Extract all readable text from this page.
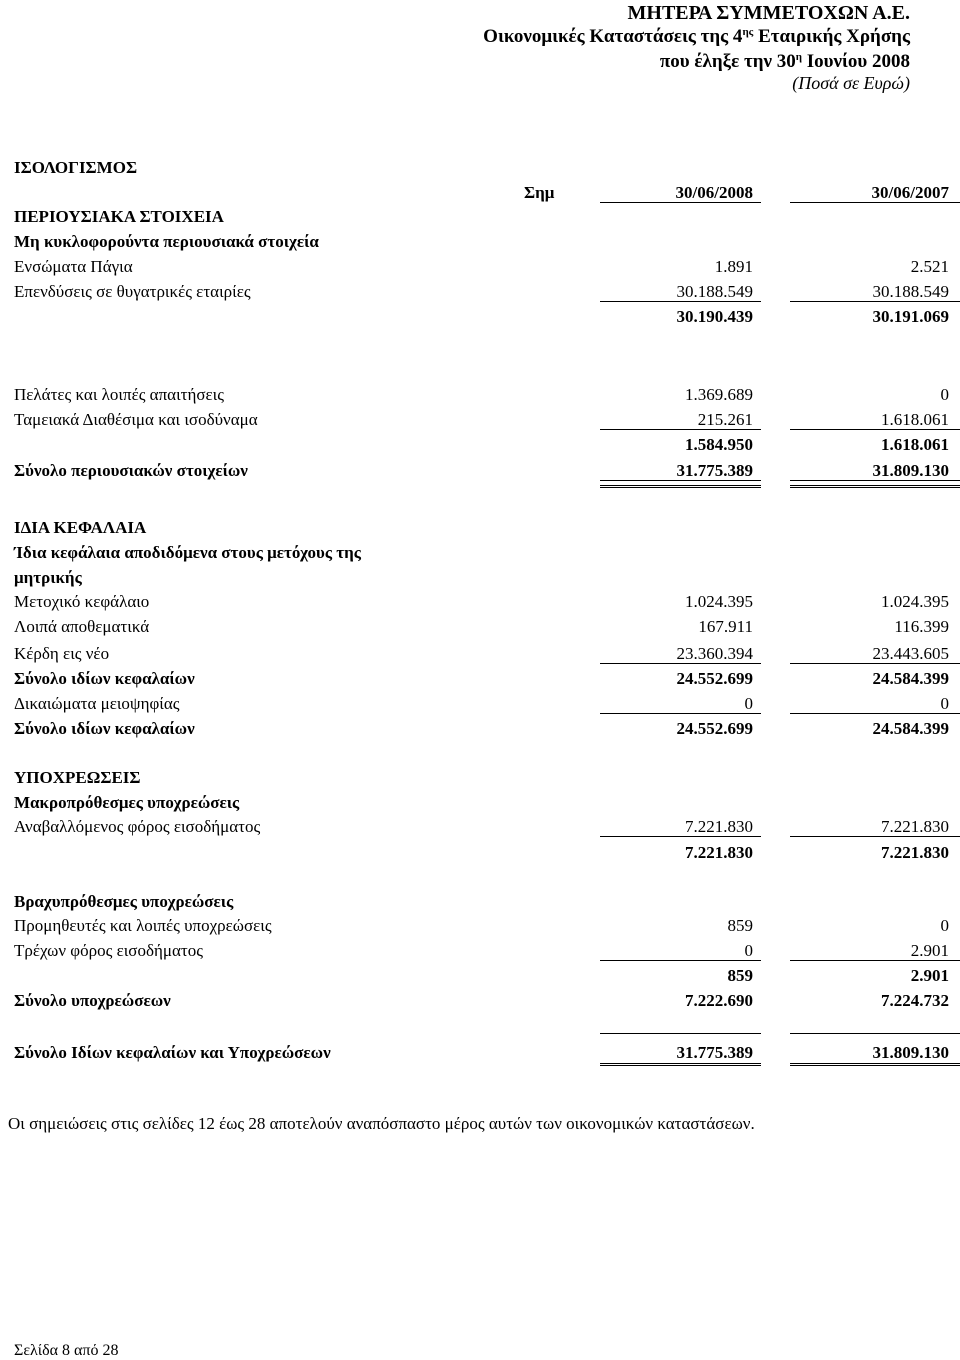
ΜΗΤΕΡΑ ΣΥΜΜΕΤΟΧΩΝ Α.Ε.
Οικονομικές Καταστάσεις της $4^{\eta\varsigma}$ Εταιρικής Χρήσης
που έληξε την $30^\eta$ Ιουνίου 2008
(Ποσά σε Ευρώ)
ΙΣΟΛΟΓΙΣΜΟΣ
Σημ	30/06/2008	30/06/2007
ΠΕΡΙΟΥΣΙΑΚΑ ΣΤΟΙΧΕΙΑ
Μη κυκλοφορούντα περιουσιακά στοιχεία
Ενσώματα Πάγια	1.891	2.521
Επενδύσεις σε θυγατρικές εταιρίες	30.188.549	30.188.549
30.190.439	30.191.069
Πελάτες και λοιπές απαιτήσεις	1.369.689	0
Ταμειακά Διαθέσιμα και ισοδύναμα	215.261	1.618.061
1.584.950	1.618.061
Σύνολο περιουσιακών στοιχείων	31.775.389	31.809.130
ΙΔΙΑ ΚΕΦΑΛΑΙΑ
Ίδια κεφάλαια αποδιδόμενα στους μετόχους της
μητρικής
Μετοχικό κεφάλαιο	1.024.395	1.024.395
Λοιπά αποθεματικά	167.911	116.399
Κέρδη εις νέο	23.360.394	23.443.605
Σύνολο ιδίων κεφαλαίων	24.552.699	24.584.399
Δικαιώματα μειοψηφίας	0	0
Σύνολο ιδίων κεφαλαίων	24.552.699	24.584.399
ΥΠΟΧΡΕΩΣΕΙΣ
Μακροπρόθεσμες υποχρεώσεις
Αναβαλλόμενος φόρος εισοδήματος	7.221.830	7.221.830
7.221.830	7.221.830
Βραχυπρόθεσμες υποχρεώσεις
Προμηθευτές και λοιπές υποχρεώσεις	859	0
Τρέχων φόρος εισοδήματος	0	2.901
859	2.901
Σύνολο υποχρεώσεων	7.222.690	7.224.732
Σύνολο Ιδίων κεφαλαίων και Υποχρεώσεων	31.775.389	31.809.130
Οι σημειώσεις στις σελίδες 12 έως 28 αποτελούν αναπόσπαστο μέρος αυτών των οικονομικών καταστάσεων.
Σελίδα 8 από 28
